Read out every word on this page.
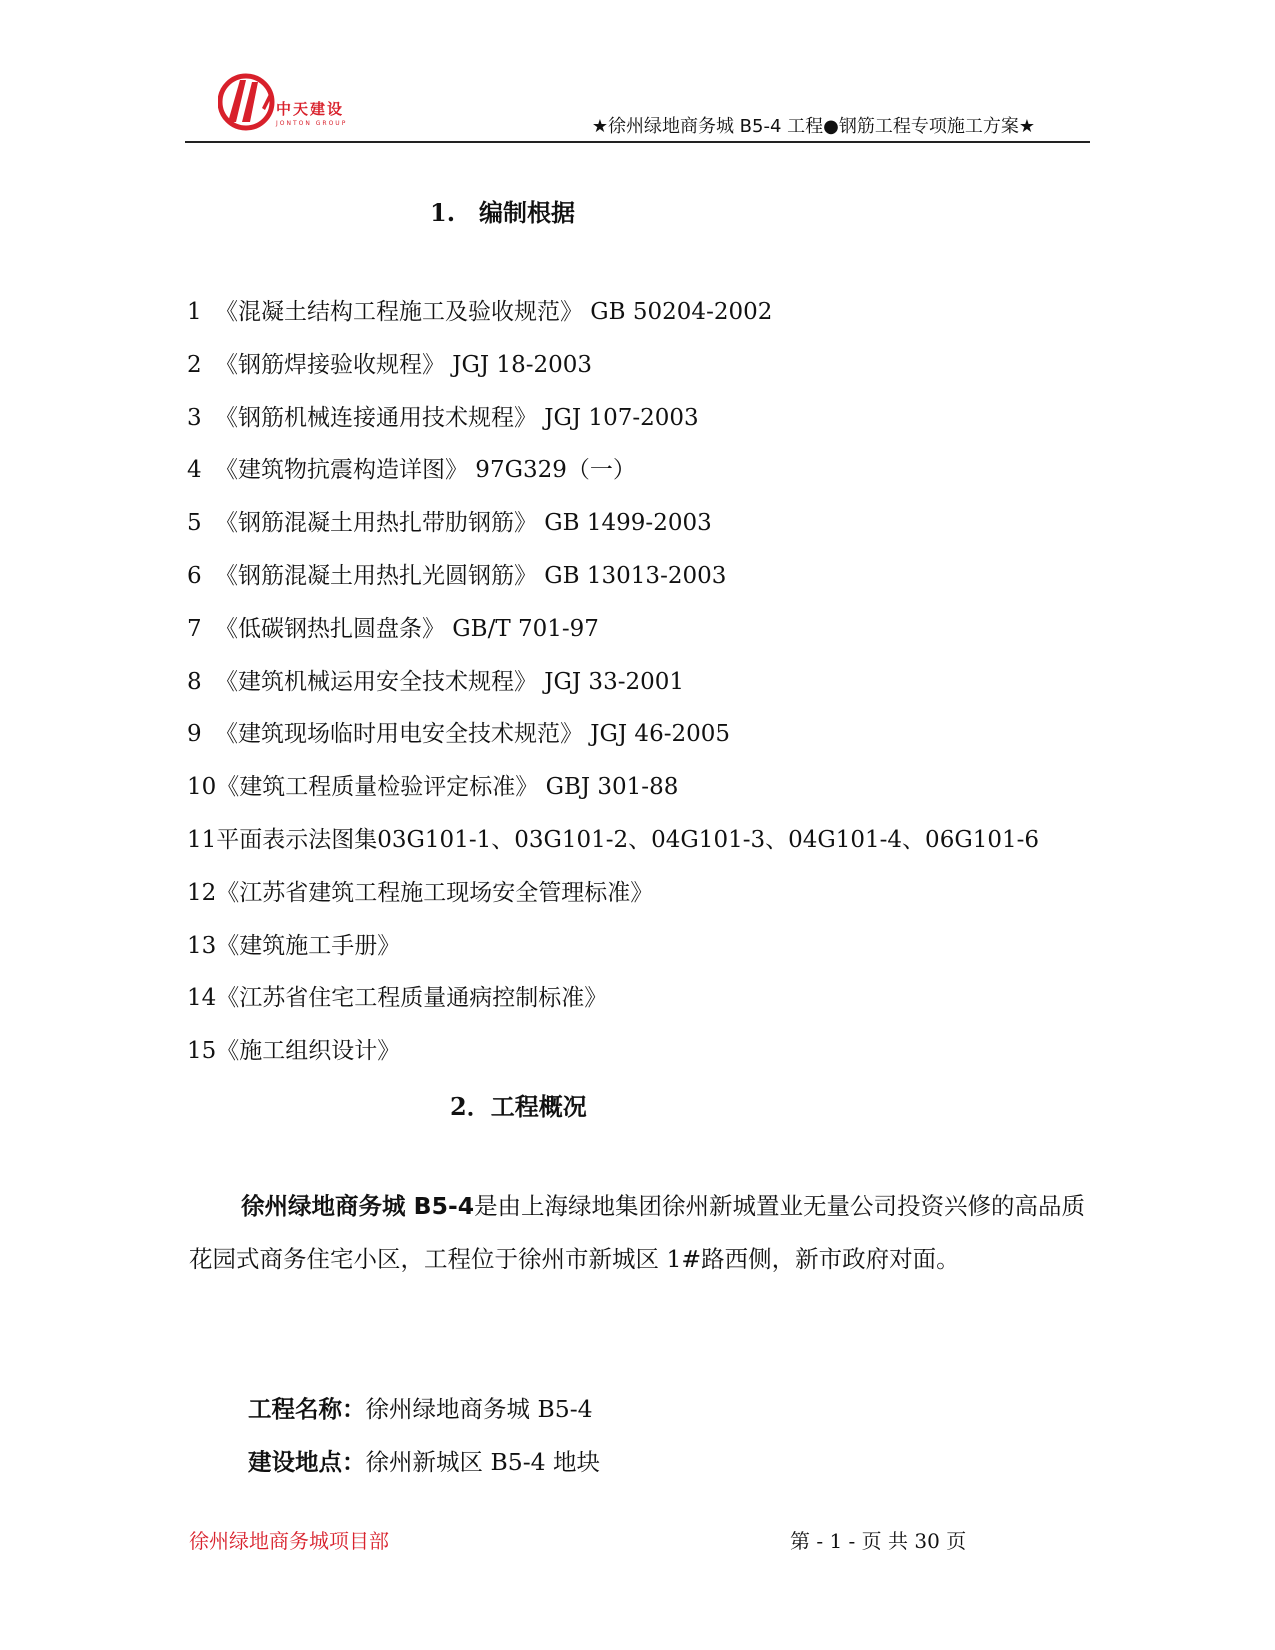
中天建设
JONTON GROUP	★徐州绿地商务城 B5-4 工程●钢筋工程专项施工方案★
1.　编制根据
1 《混凝土结构工程施工及验收规范》 GB 50204-2002
2 《钢筋焊接验收规程》 JGJ 18-2003
3 《钢筋机械连接通用技术规程》 JGJ 107-2003
4 《建筑物抗震构造详图》 97G329（一）
5 《钢筋混凝土用热扎带肋钢筋》 GB 1499-2003
6 《钢筋混凝土用热扎光圆钢筋》 GB 13013-2003
7 《低碳钢热扎圆盘条》 GB/T 701-97
8 《建筑机械运用安全技术规程》 JGJ 33-2001
9 《建筑现场临时用电安全技术规范》 JGJ 46-2005
10《建筑工程质量检验评定标准》 GBJ 301-88
11平面表示法图集03G101-1、03G101-2、04G101-3、04G101-4、06G101-6
12《江苏省建筑工程施工现场安全管理标准》
13《建筑施工手册》
14《江苏省住宅工程质量通病控制标准》
15《施工组织设计》
2．工程概况

徐州绿地商务城 B5-4是由上海绿地集团徐州新城置业无量公司投资兴修的高品质花园式商务住宅小区，工程位于徐州市新城区 1#路西侧，新市政府对面。

工程名称：徐州绿地商务城 B5-4
建设地点：徐州新城区 B5-4 地块
徐州绿地商务城项目部	第 - 1 - 页 共 30 页
